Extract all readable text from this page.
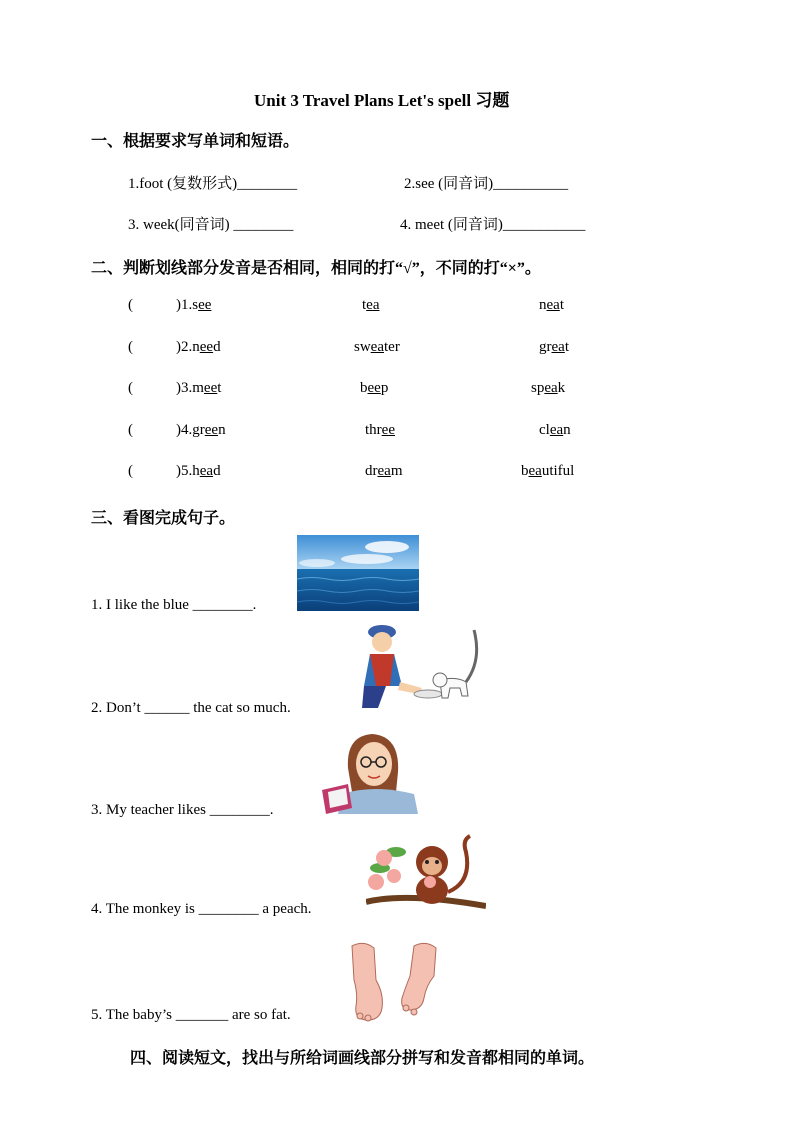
Unit 3 Travel Plans Let's spell 习题
一、根据要求写单词和短语。
1.foot (复数形式)________	2.see (同音词)__________
3. week(同音词) ________	4. meet (同音词)___________
二、判断划线部分发音是否相同，相同的打“√”，不同的打“×”。
(	)1.see	tea	neat
(	)2.need	sweater	great
(	)3.meet	beep	speak
(	)4.green	three	clean
(	)5.head	dream	beautiful
三、看图完成句子。
1. I like the blue ________.
2. Don’t ______ the cat so much.
3. My teacher likes ________.
4. The monkey is ________ a peach.
5. The baby’s _______ are so fat.
四、阅读短文，找出与所给词画线部分拼写和发音都相同的单词。
